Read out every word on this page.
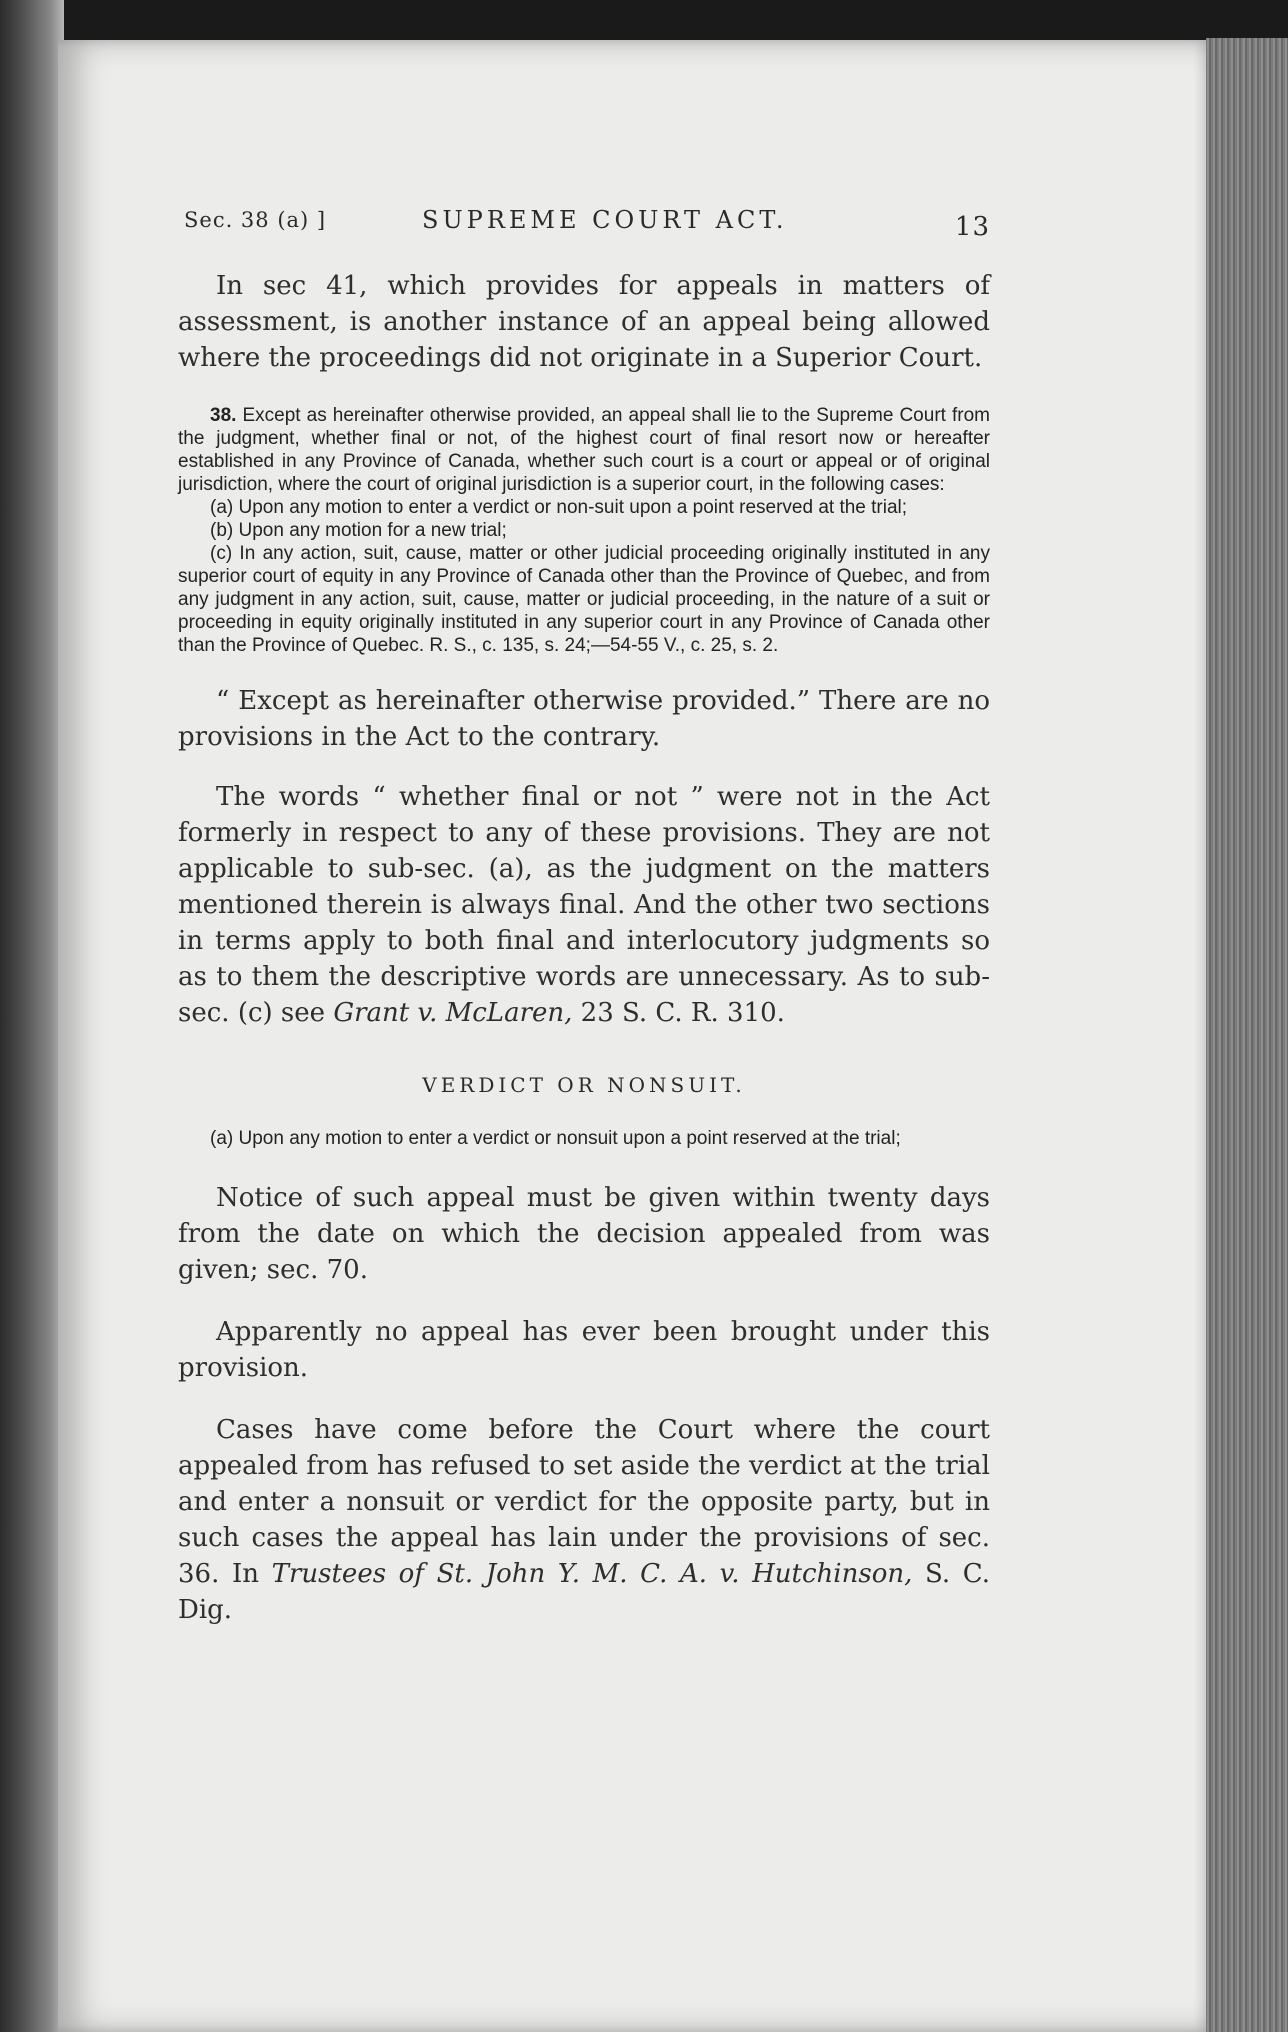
Sec. 38 (a) ]	SUPREME COURT ACT.	13

In sec 41, which provides for appeals in matters of assessment, is another instance of an appeal being allowed where the proceedings did not originate in a Superior Court.

38. Except as hereinafter otherwise provided, an appeal shall lie to the Supreme Court from the judgment, whether final or not, of the highest court of final resort now or hereafter established in any Province of Canada, whether such court is a court or appeal or of original jurisdiction, where the court of original jurisdiction is a superior court, in the following cases:

(a) Upon any motion to enter a verdict or non-suit upon a point reserved at the trial;

(b) Upon any motion for a new trial;

(c) In any action, suit, cause, matter or other judicial proceeding originally instituted in any superior court of equity in any Province of Canada other than the Province of Quebec, and from any judgment in any action, suit, cause, matter or judicial proceeding, in the nature of a suit or proceeding in equity originally instituted in any superior court in any Province of Canada other than the Province of Quebec. R. S., c. 135, s. 24;—54-55 V., c. 25, s. 2.

“ Except as hereinafter otherwise provided.” There are no provisions in the Act to the contrary.

The words “ whether final or not ” were not in the Act formerly in respect to any of these provisions. They are not applicable to sub-sec. (a), as the judgment on the matters mentioned therein is always final. And the other two sections in terms apply to both final and interlocutory judgments so as to them the descriptive words are unnecessary. As to sub-sec. (c) see Grant v. McLaren, 23 S. C. R. 310.

VERDICT OR NONSUIT.

(a) Upon any motion to enter a verdict or nonsuit upon a point reserved at the trial;

Notice of such appeal must be given within twenty days from the date on which the decision appealed from was given; sec. 70.

Apparently no appeal has ever been brought under this provision.

Cases have come before the Court where the court appealed from has refused to set aside the verdict at the trial and enter a nonsuit or verdict for the opposite party, but in such cases the appeal has lain under the provisions of sec. 36. In Trustees of St. John Y. M. C. A. v. Hutchinson, S. C. Dig.
